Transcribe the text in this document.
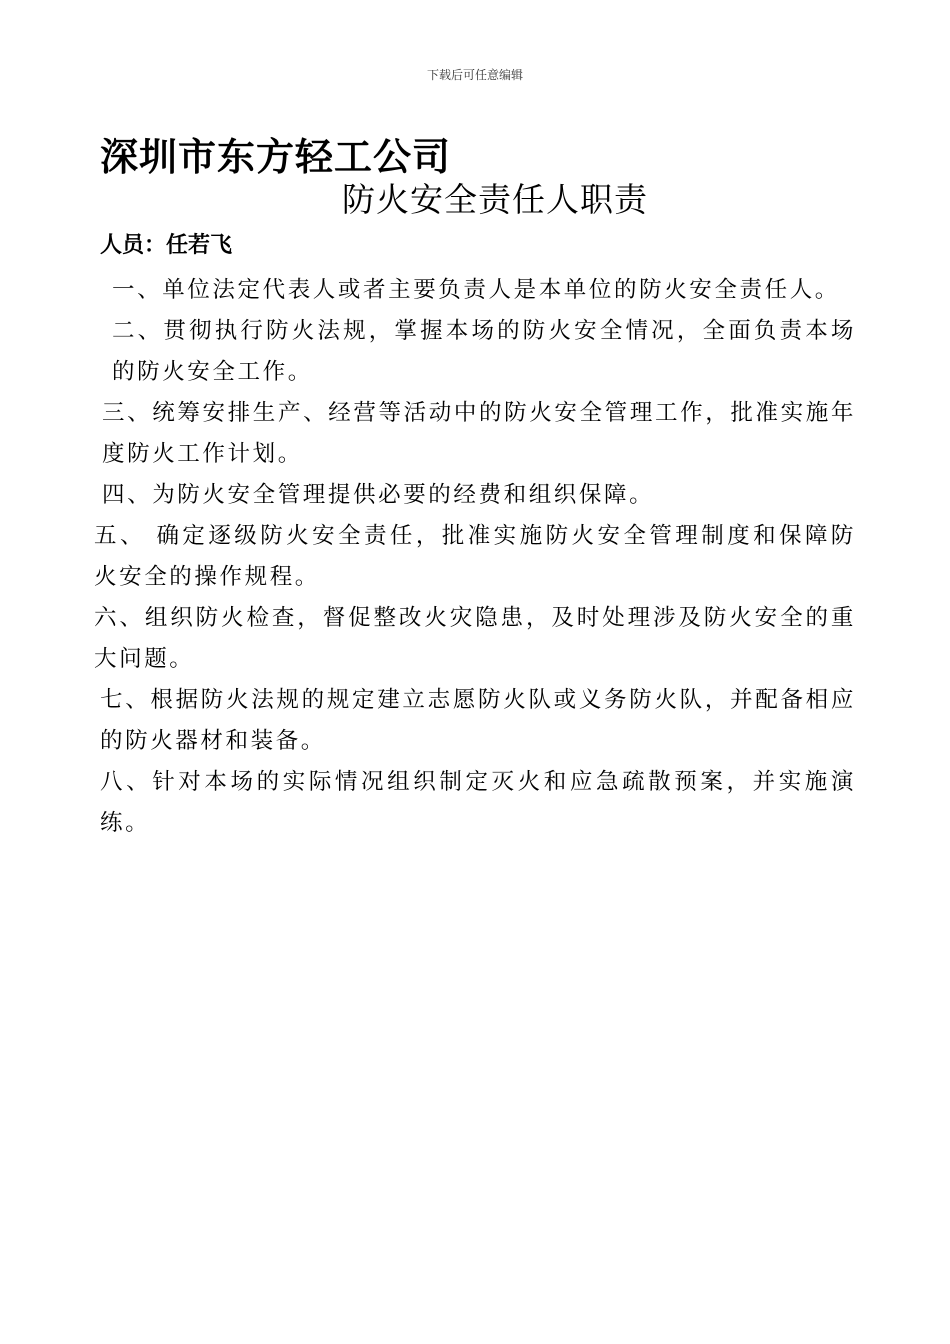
下载后可任意编辑
深圳市东方轻工公司
防火安全责任人职责
人员：任若飞

一、单位法定代表人或者主要负责人是本单位的防火安全责任人。

二、贯彻执行防火法规，掌握本场的防火安全情况，全面负责本场的防火安全工作。

三、统筹安排生产、经营等活动中的防火安全管理工作，批准实施年度防火工作计划。

四、为防火安全管理提供必要的经费和组织保障。

五、 确定逐级防火安全责任，批准实施防火安全管理制度和保障防火安全的操作规程。

六、组织防火检查，督促整改火灾隐患，及时处理涉及防火安全的重大问题。

七、根据防火法规的规定建立志愿防火队或义务防火队，并配备相应的防火器材和装备。

八、针对本场的实际情况组织制定灭火和应急疏散预案，并实施演练。
